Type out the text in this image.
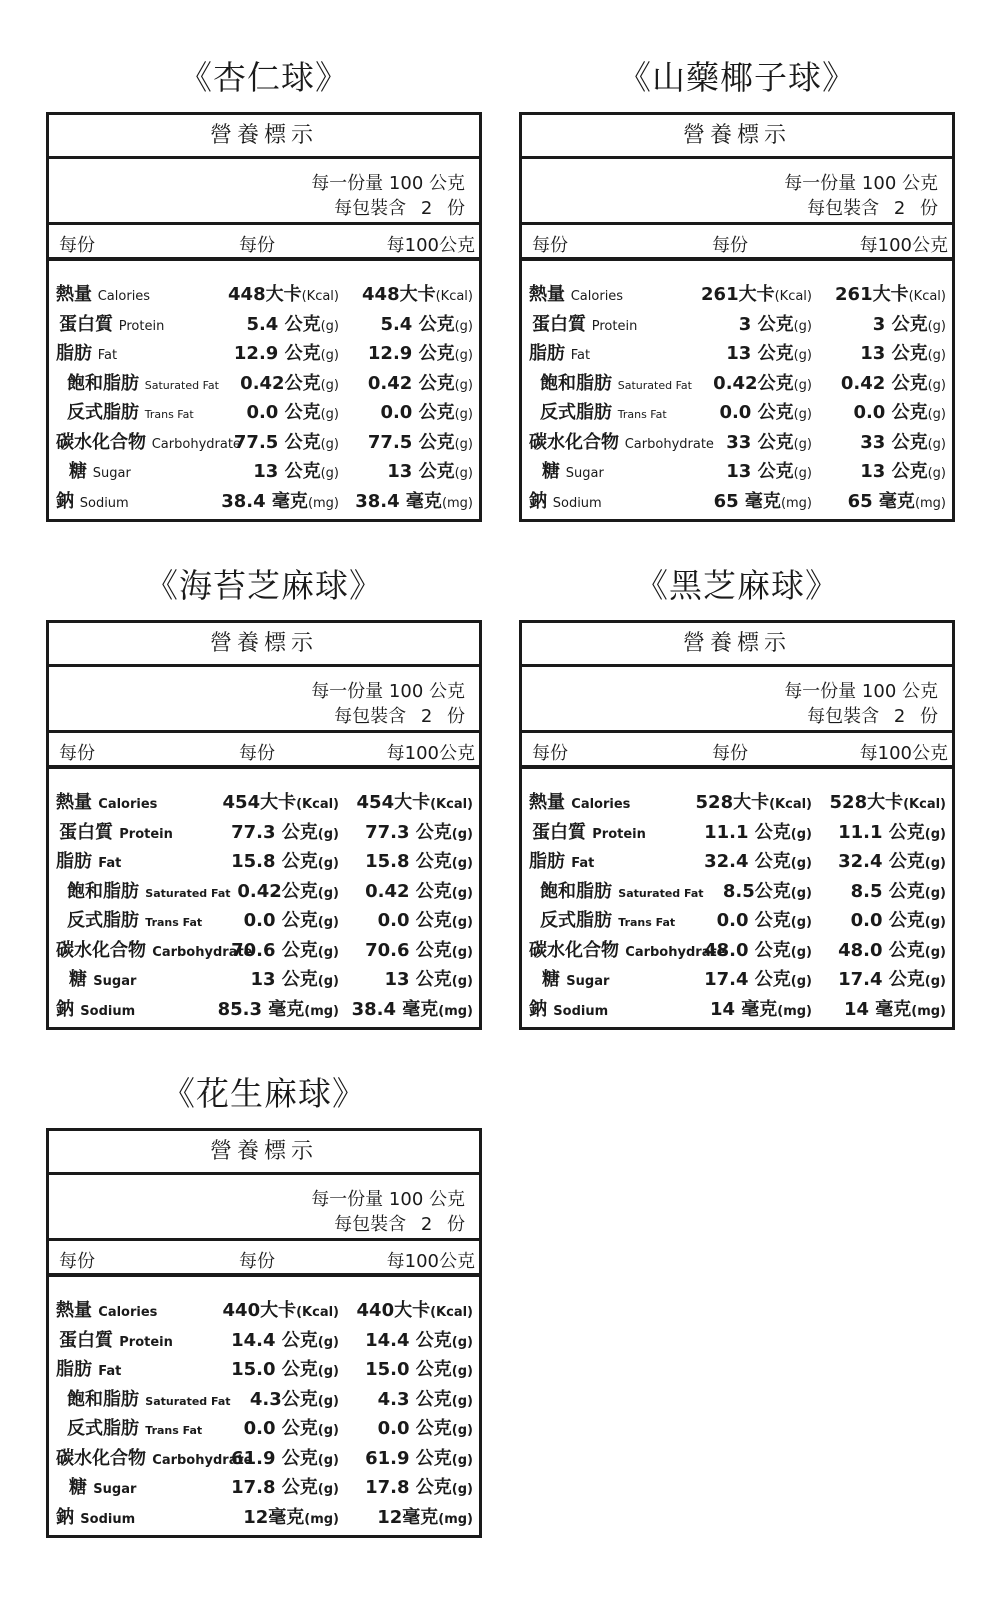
《杏仁球》
營養標示
每一份量 100 公克
每包裝含 2 份
每份	每份	每100公克
熱量 Calories	448大卡(Kcal) 448大卡(Kcal)
蛋白質 Protein	5.4 公克(g) 5.4 公克(g)
脂肪 Fat	12.9 公克(g) 12.9 公克(g)
飽和脂肪 Saturated Fat 0.42公克(g) 0.42 公克(g)
反式脂肪 Trans Fat	0.0 公克(g) 0.0 公克(g)
碳水化合物 Carbohydrate
77.5 公克(g) 77.5 公克(g)
糖 Sugar	13 公克(g)	13 公克(g)
鈉 Sodium	38.4 毫克(mg) 38.4 毫克(mg)
《山藥椰子球》
營養標示
每一份量 100 公克
每包裝含 2 份
每份	每份	每100公克
熱量 Calories	261大卡(Kcal) 261大卡(Kcal)
蛋白質 Protein	3 公克(g)	3 公克(g)
脂肪 Fat	13 公克(g)	13 公克(g)
飽和脂肪 Saturated Fat 0.42公克(g) 0.42 公克(g)
反式脂肪 Trans Fat	0.0 公克(g) 0.0 公克(g)
碳水化合物 Carbohydrate 33 公克(g)	33 公克(g)
糖 Sugar	13 公克(g)	13 公克(g)
鈉 Sodium	65 毫克(mg) 65 毫克(mg)
《海苔芝麻球》
營養標示
每一份量 100 公克
每包裝含 2 份
每份	每份	每100公克
熱量 Calories	454大卡(Kcal) 454大卡(Kcal)
蛋白質 Protein	77.3 公克(g) 77.3 公克(g)
脂肪 Fat	15.8 公克(g) 15.8 公克(g)
飽和脂肪 Saturated Fat 0.42公克(g) 0.42 公克(g)
反式脂肪 Trans Fat 0.0 公克(g) 0.0 公克(g)
碳水化合物 Carbohydrate
70.6 公克(g) 70.6 公克(g)
糖 Sugar	13 公克(g)	13 公克(g)
鈉 Sodium	85.3 毫克(mg) 38.4 毫克(mg)
《黑芝麻球》
營養標示
每一份量 100 公克
每包裝含 2 份
每份	每份	每100公克
熱量 Calories	528大卡(Kcal) 528大卡(Kcal)
蛋白質 Protein	11.1 公克(g) 11.1 公克(g)
脂肪 Fat	32.4 公克(g) 32.4 公克(g)
飽和脂肪 Saturated Fat 8.5公克(g) 8.5 公克(g)
反式脂肪 Trans Fat 0.0 公克(g) 0.0 公克(g)
碳水化合物 Carbohydrate
48.0 公克(g) 48.0 公克(g)
糖 Sugar	17.4 公克(g) 17.4 公克(g)
鈉 Sodium	14 毫克(mg) 14 毫克(mg)
《花生麻球》
營養標示
每一份量 100 公克
每包裝含 2 份
每份	每份	每100公克
熱量 Calories	440大卡(Kcal) 440大卡(Kcal)
蛋白質 Protein	14.4 公克(g) 14.4 公克(g)
脂肪 Fat	15.0 公克(g) 15.0 公克(g)
飽和脂肪 Saturated Fat 4.3公克(g) 4.3 公克(g)
反式脂肪 Trans Fat 0.0 公克(g) 0.0 公克(g)
碳水化合物 Carbohydrate
61.9 公克(g) 61.9 公克(g)
糖 Sugar	17.8 公克(g) 17.8 公克(g)
鈉 Sodium	12毫克(mg) 12毫克(mg)
